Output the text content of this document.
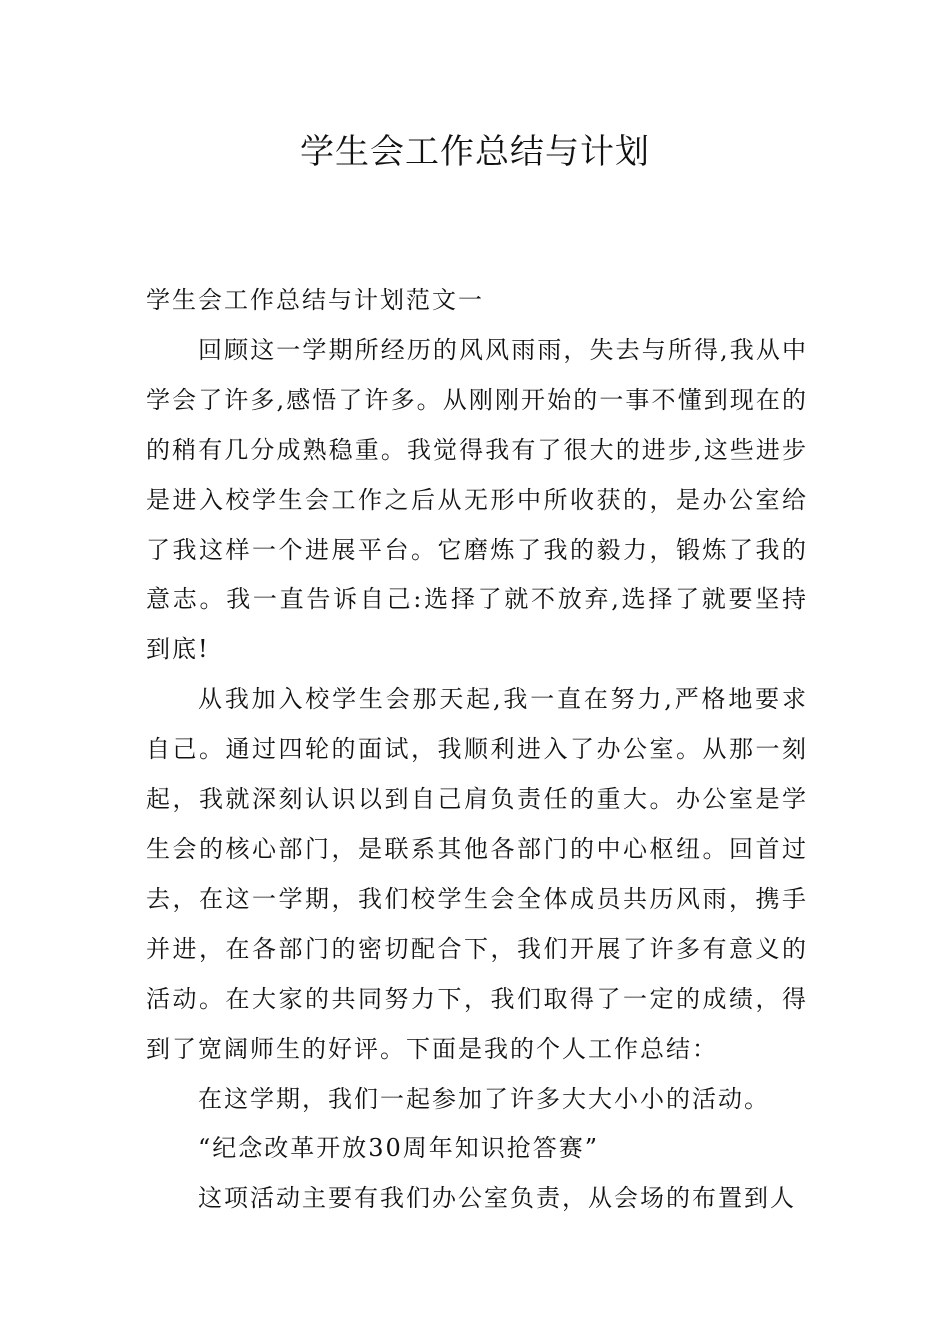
学生会工作总结与计划

学生会工作总结与计划范文一

回顾这一学期所经历的风风雨雨，失去与所得,我从中学会了许多,感悟了许多。从刚刚开始的一事不懂到现在的的稍有几分成熟稳重。我觉得我有了很大的进步,这些进步是进入校学生会工作之后从无形中所收获的，是办公室给了我这样一个进展平台。它磨炼了我的毅力，锻炼了我的意志。我一直告诉自己:选择了就不放弃,选择了就要坚持到底!

从我加入校学生会那天起,我一直在努力,严格地要求自己。通过四轮的面试，我顺利进入了办公室。从那一刻起，我就深刻认识以到自己肩负责任的重大。办公室是学生会的核心部门，是联系其他各部门的中心枢纽。回首过去，在这一学期，我们校学生会全体成员共历风雨，携手并进，在各部门的密切配合下，我们开展了许多有意义的活动。在大家的共同努力下，我们取得了一定的成绩，得到了宽阔师生的好评。下面是我的个人工作总结：

在这学期，我们一起参加了许多大大小小的活动。

“纪念改革开放30周年知识抢答赛”

这项活动主要有我们办公室负责，从会场的布置到人
